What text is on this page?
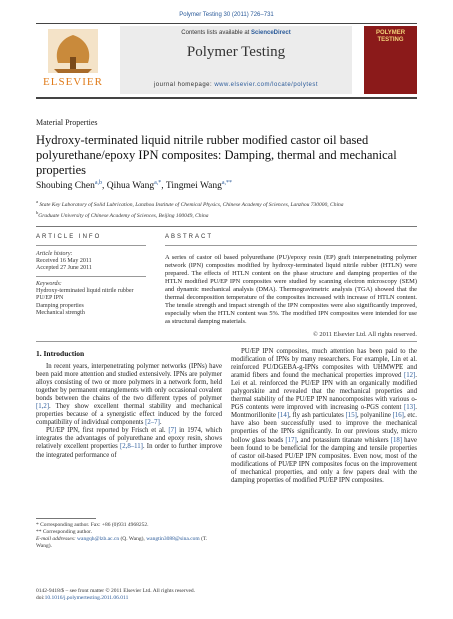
Polymer Testing 30 (2011) 726–731
ELSEVIER
Contents lists available at ScienceDirect
Polymer Testing
journal homepage: www.elsevier.com/locate/polytest
POLYMER TESTING
Material Properties
Hydroxy-terminated liquid nitrile rubber modified castor oil based polyurethane/epoxy IPN composites: Damping, thermal and mechanical properties
Shoubing Chen$^{a,b}$, Qihua Wang$^{a,*}$, Tingmei Wang$^{a,**}$
$^a$ State Key Laboratory of Solid Lubrication, Lanzhou Institute of Chemical Physics, Chinese Academy of Sciences, Lanzhou 730000, China
$^b$Graduate University of Chinese Academy of Sciences, Beijing 100049, China
ARTICLE INFO
Article history:
Received 16 May 2011
Accepted 27 June 2011
Keywords:
Hydroxy-terminated liquid nitrile rubber
PU/EP IPN
Damping properties
Mechanical strength
ABSTRACT
A series of castor oil based polyurethane (PU)/epoxy resin (EP) graft interpenetrating polymer network (IPN) composites modified by hydroxy-terminated liquid nitrile rubber (HTLN) were prepared. The effects of HTLN content on the phase structure and damping properties of the HTLN modified PU/EP IPN composites were studied by scanning electron microscopy (SEM) and dynamic mechanical analysis (DMA). Thermogravimetric analysis (TGA) showed that the thermal decomposition temperature of the composites increased with increase of HTLN content. The tensile strength and impact strength of the IPN composites were also significantly improved, especially when the HTLN content was 5%. The modified IPN composites were intended for use as structural damping materials.
© 2011 Elsevier Ltd. All rights reserved.
1. Introduction

In recent years, interpenetrating polymer networks (IPNs) have been paid more attention and studied extensively. IPNs are polymer alloys consisting of two or more polymers in a network form, held together by permanent entanglements with only occasional covalent bonds between the chains of the two different types of polymer [1,2]. They show excellent thermal stability and mechanical properties because of a synergistic effect induced by the forced compatibility of individual components [2–7].

PU/EP IPN, first reported by Frisch et al. [7] in 1974, which integrates the advantages of polyurethane and epoxy resin, shows relatively excellent properties [2,8–11]. In order to further improve the integrated performance of

PU/EP IPN composites, much attention has been paid to the modification of IPNs by many researchers. For example, Lin et al. reinforced PU/DGEBA-g-IPNs composites with UHMWPE and aramid fibers and found the mechanical properties improved [12]. Lei et al. reinforced the PU/EP IPN with an organically modified palygorskite and revealed that the mechanical properties and thermal stability of the PU/EP IPN nanocomposites with various o-PGS contents were improved with increasing o-PGS content [13]. Montmorillonite [14], fly ash particulates [15], polyaniline [16], etc. have also been successfully used to improve the mechanical properties of the IPNs significantly. In our previous study, micro hollow glass beads [17], and potassium titanate whiskers [18] have been found to be beneficial for the damping and tensile properties of castor oil-based PU/EP IPN composites. Even now, most of the modifications of PU/EP IPN composites focus on the improvement of mechanical properties, and only a few papers deal with the damping properties of modified PU/EP IPN composites.

* Corresponding author. Fax: +86 (0)931 4968252.
** Corresponding author.
E-mail addresses: wangqh@lzb.ac.cn (Q. Wang), wangtin3088@sina.com (T. Wang).
0142-9418/$ – see front matter © 2011 Elsevier Ltd. All rights reserved.
doi:10.1016/j.polymertesting.2011.06.011
